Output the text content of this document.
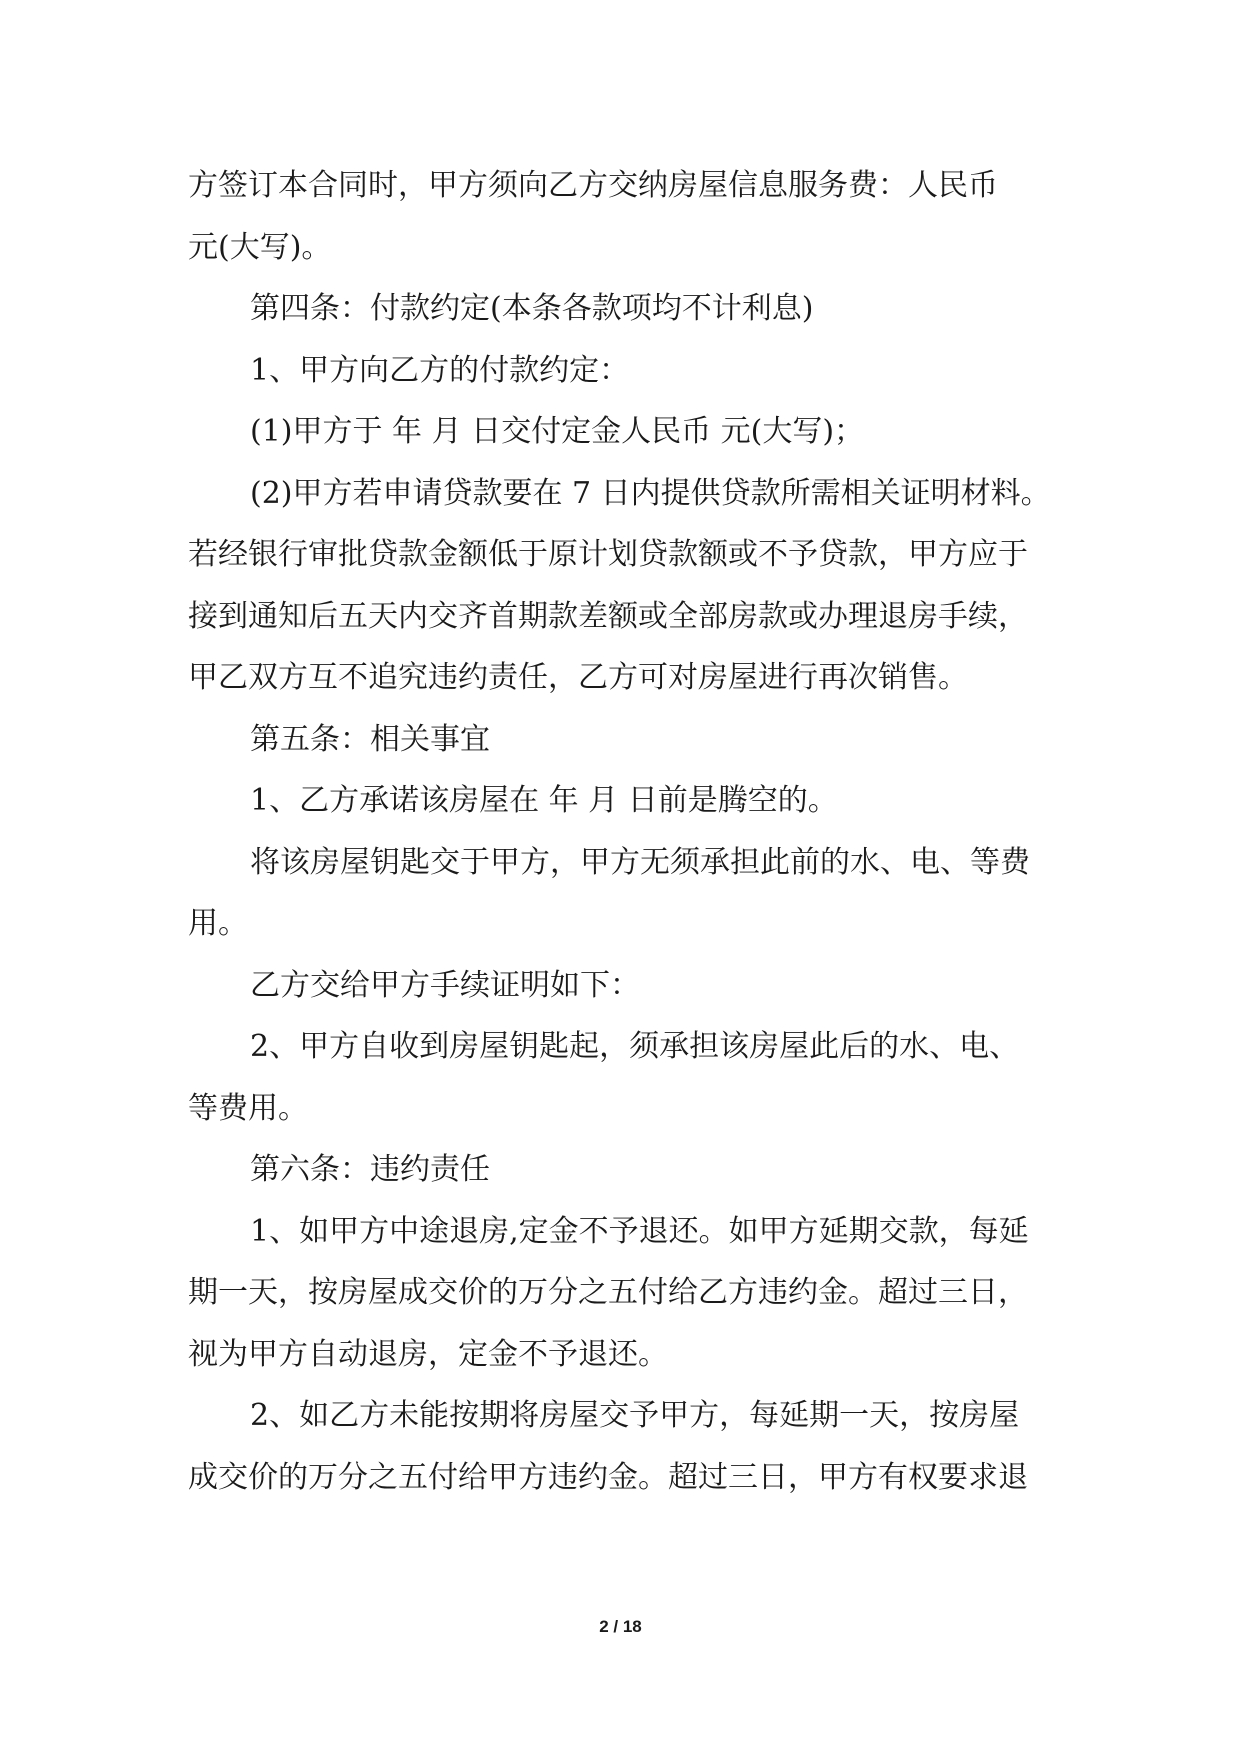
方签订本合同时，甲方须向乙方交纳房屋信息服务费：人民币
元(大写)。
第四条：付款约定(本条各款项均不计利息)
1、甲方向乙方的付款约定：
(1)甲方于 年 月 日交付定金人民币 元(大写)；
(2)甲方若申请贷款要在 7 日内提供贷款所需相关证明材料。
若经银行审批贷款金额低于原计划贷款额或不予贷款，甲方应于
接到通知后五天内交齐首期款差额或全部房款或办理退房手续，
甲乙双方互不追究违约责任，乙方可对房屋进行再次销售。
第五条：相关事宜
1、乙方承诺该房屋在 年 月 日前是腾空的。
将该房屋钥匙交于甲方，甲方无须承担此前的水、电、等费
用。
乙方交给甲方手续证明如下：
2、甲方自收到房屋钥匙起，须承担该房屋此后的水、电、
等费用。
第六条：违约责任
1、如甲方中途退房,定金不予退还。如甲方延期交款，每延
期一天，按房屋成交价的万分之五付给乙方违约金。超过三日，
视为甲方自动退房，定金不予退还。
2、如乙方未能按期将房屋交予甲方，每延期一天，按房屋
成交价的万分之五付给甲方违约金。超过三日，甲方有权要求退
2 / 18
